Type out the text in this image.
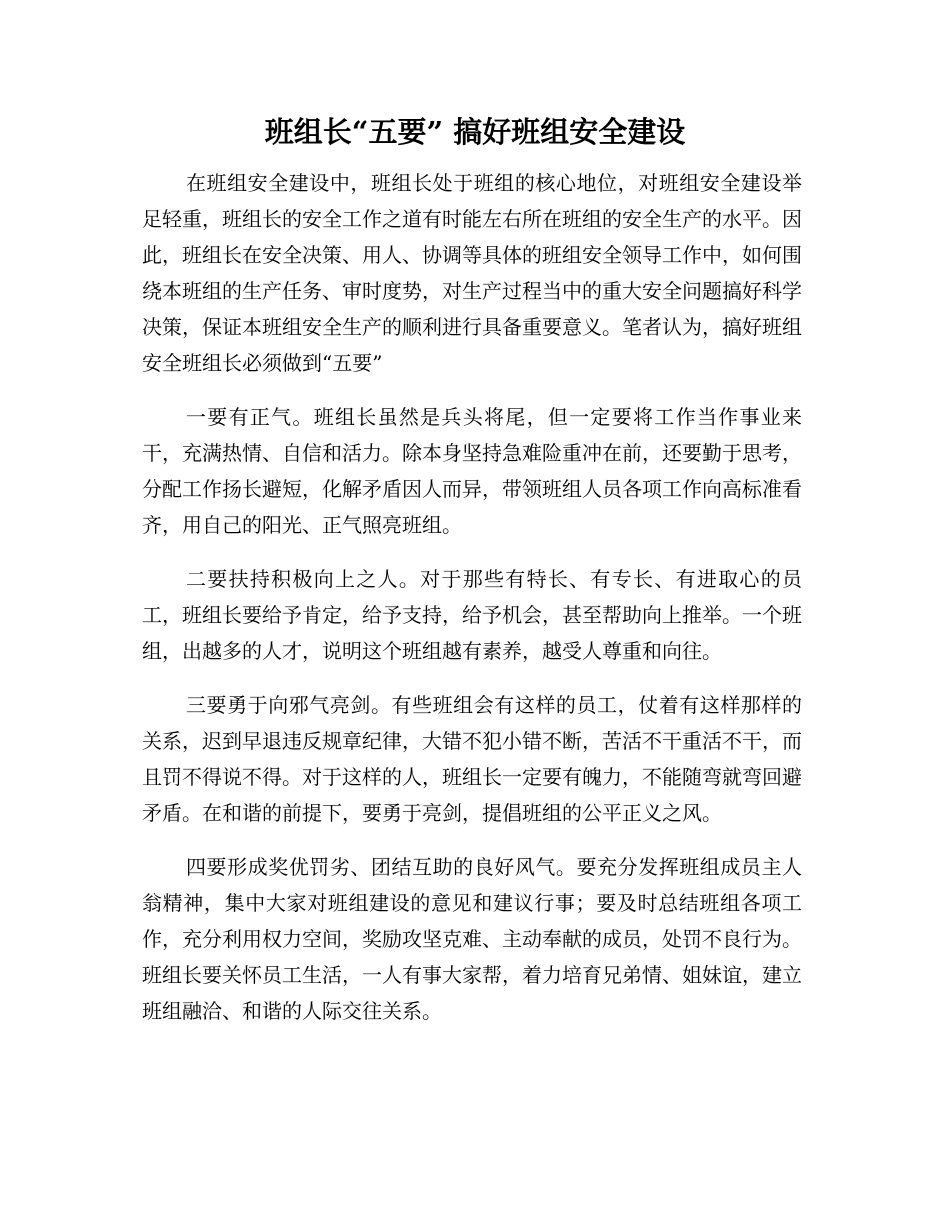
班组长“五要” 搞好班组安全建设

在班组安全建设中，班组长处于班组的核心地位，对班组安全建设举足轻重，班组长的安全工作之道有时能左右所在班组的安全生产的水平。因此，班组长在安全决策、用人、协调等具体的班组安全领导工作中，如何围绕本班组的生产任务、审时度势，对生产过程当中的重大安全问题搞好科学决策，保证本班组安全生产的顺利进行具备重要意义。笔者认为，搞好班组安全班组长必须做到“五要”

一要有正气。班组长虽然是兵头将尾，但一定要将工作当作事业来干，充满热情、自信和活力。除本身坚持急难险重冲在前，还要勤于思考，分配工作扬长避短，化解矛盾因人而异，带领班组人员各项工作向高标准看齐，用自己的阳光、正气照亮班组。

二要扶持积极向上之人。对于那些有特长、有专长、有进取心的员工，班组长要给予肯定，给予支持，给予机会，甚至帮助向上推举。一个班组，出越多的人才，说明这个班组越有素养，越受人尊重和向往。

三要勇于向邪气亮剑。有些班组会有这样的员工，仗着有这样那样的关系，迟到早退违反规章纪律，大错不犯小错不断，苦活不干重活不干，而且罚不得说不得。对于这样的人，班组长一定要有魄力，不能随弯就弯回避矛盾。在和谐的前提下，要勇于亮剑，提倡班组的公平正义之风。

四要形成奖优罚劣、团结互助的良好风气。要充分发挥班组成员主人翁精神，集中大家对班组建设的意见和建议行事；要及时总结班组各项工作，充分利用权力空间，奖励攻坚克难、主动奉献的成员，处罚不良行为。班组长要关怀员工生活，一人有事大家帮，着力培育兄弟情、姐妹谊，建立班组融洽、和谐的人际交往关系。
